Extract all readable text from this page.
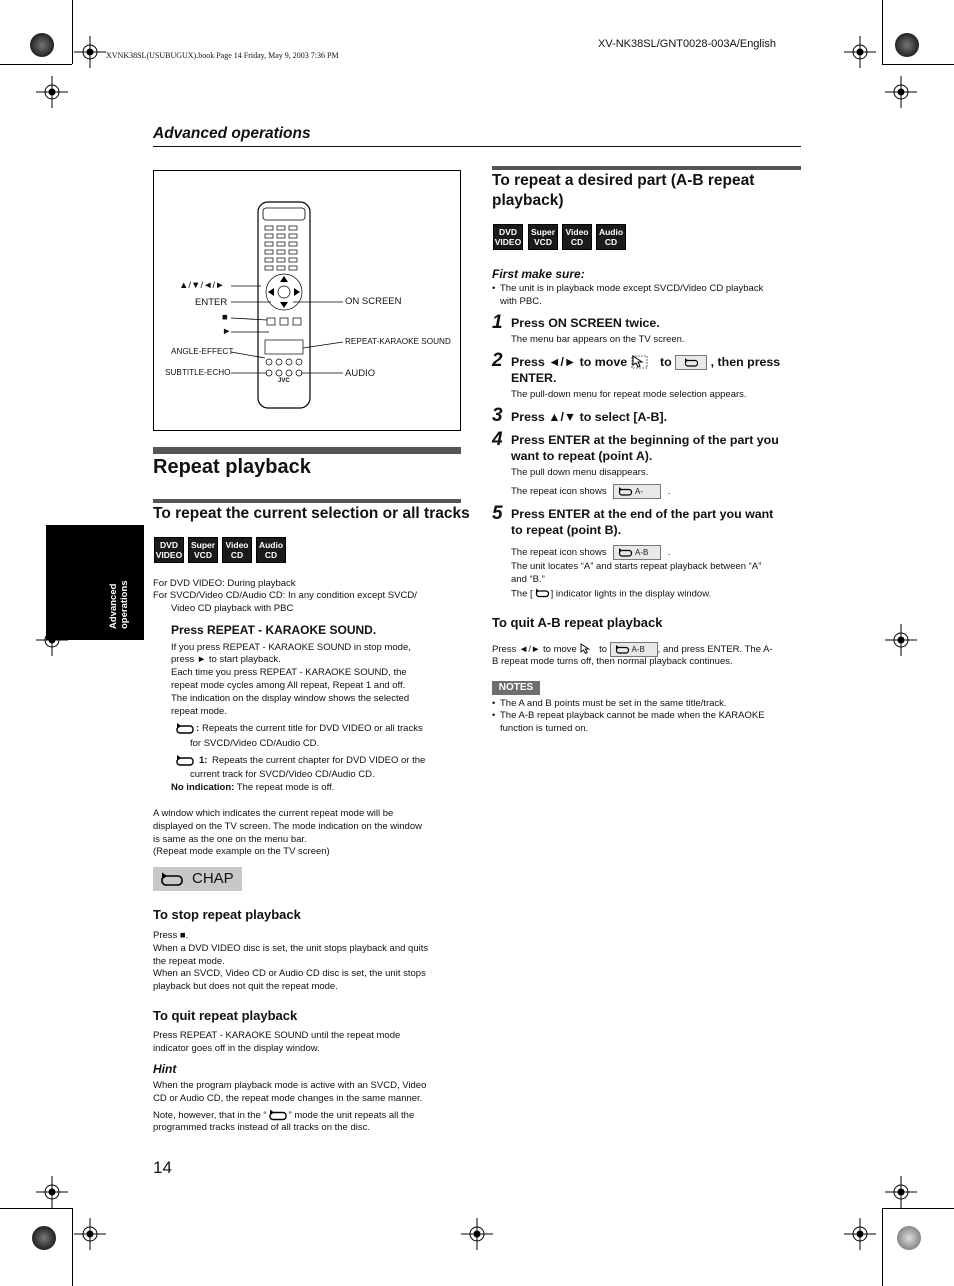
XVNK38SL(USUBUGUX).book Page 14 Friday, May 9, 2003 7:36 PM
XV-NK38SL/GNT0028-003A/English
Advanced operations
Advanced
operations
▲/▼/◄/►
ENTER
■
►
ANGLE-EFFECT
SUBTITLE-ECHO
ON SCREEN
REPEAT-KARAOKE SOUND
AUDIO
JVC
Repeat playback
To repeat the current selection or all tracks
DVD
VIDEO
Super
VCD
Video
CD
Audio
CD
For DVD VIDEO: During playback
For SVCD/Video CD/Audio CD: In any condition except SVCD/
Video CD playback with PBC
Press REPEAT - KARAOKE SOUND.
If you press REPEAT - KARAOKE SOUND in stop mode,
press ► to start playback.
Each time you press REPEAT - KARAOKE SOUND, the
repeat mode cycles among All repeat, Repeat 1 and off.
The indication on the display window shows the selected
repeat mode.
: Repeats the current title for DVD VIDEO or all tracks
for SVCD/Video CD/Audio CD.
1: Repeats the current chapter for DVD VIDEO or the
current track for SVCD/Video CD/Audio CD.
No indication: The repeat mode is off.
A window which indicates the current repeat mode will be
displayed on the TV screen. The mode indication on the window
is same as the one on the menu bar.
(Repeat mode example on the TV screen)
CHAP
To stop repeat playback
Press ■.
When a DVD VIDEO disc is set, the unit stops playback and quits
the repeat mode.
When an SVCD, Video CD or Audio CD disc is set, the unit stops
playback but does not quit the repeat mode.
To quit repeat playback
Press REPEAT - KARAOKE SOUND until the repeat mode
indicator goes off in the display window.
Hint
When the program playback mode is active with an SVCD, Video
CD or Audio CD, the repeat mode changes in the same manner.
Note, however, that in the “ ” mode the unit repeats all the
programmed tracks instead of all tracks on the disc.
14
To repeat a desired part (A-B repeat
playback)
DVD
VIDEO
Super
VCD
Video
CD
Audio
CD
First make sure:
• The unit is in playback mode except SVCD/Video CD playback
with PBC.
1 Press ON SCREEN twice.
The menu bar appears on the TV screen.
2 Press ◄/► to move	to	, then press
ENTER.
The pull-down menu for repeat mode selection appears.
3 Press ▲/▼ to select [A-B].
4 Press ENTER at the beginning of the part you
want to repeat (point A).
The pull down menu disappears.
The repeat icon shows	A-	.
5 Press ENTER at the end of the part you want
to repeat (point B).
The repeat icon shows	A-B .
The unit locates “A” and starts repeat playback between “A”
and “B.”
The [ ] indicator lights in the display window.
To quit A-B repeat playback
Press ◄/► to move to	A-B , and press ENTER. The A-
B repeat mode turns off, then normal playback continues.
NOTES
• The A and B points must be set in the same title/track.
• The A-B repeat playback cannot be made when the KARAOKE
function is turned on.
